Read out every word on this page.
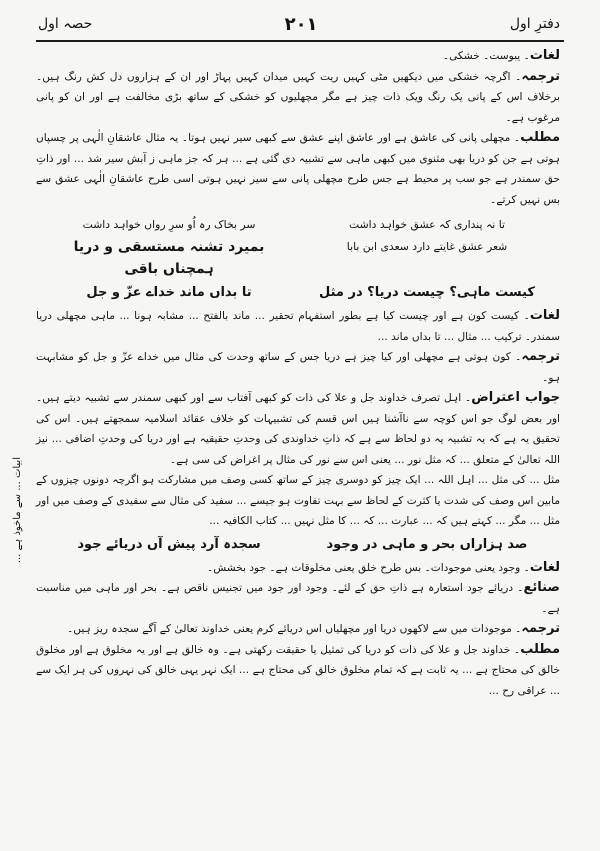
دفترِ اول
۲۰۱
حصہ اول

لغات۔ یبوست۔ خشکی۔

ترجمہ۔ اگرچہ خشکی میں دیکھیں مٹی کہیں ریت کہیں میدان کہیں پہاڑ اور ان کے ہزاروں دل کش رنگ ہیں۔ برخلاف اس کے پانی یک رنگ ویک ذات چیز ہے مگر مچھلیوں کو خشکی کے ساتھ بڑی مخالفت ہے اور ان کو پانی مرغوب ہے۔

مطلب۔ مچھلی پانی کی عاشق ہے اور عاشق اپنے عشق سے کبھی سیر نہیں ہوتا۔ یہ مثال عاشقانِ الٰہی پر چسپاں ہوتی ہے جن کو دریا بھی مثنوی میں کبھی ماہی سے تشبیہ دی گئی ہے ... ہر کہ جز ماہی ز آبش سیر شد ... اور ذاتِ حق سمندر ہے جو سب پر محیط ہے جس طرح مچھلی پانی سے سیر نہیں ہوتی اسی طرح عاشقانِ الٰہی عشق سے بس نہیں کرتے۔

تا نہ پنداری کہ عشق خواہد داشت
سر بخاک رہ اُو سرِ رواں خواہد داشت
شعر عشق غایتے دارد سعدی ابن بابا
بمیرد تشنہ مستسقی و دریا ہمچناں باقی
کیست ماہی؟ چیست دریا؟ در مثل
تا بداں ماند خداے عزّ و جل

لغات۔ کیست کون ہے اور چیست کیا ہے بطور استفہام تحقیر ... ماند بالفتح ... مشابہ ہونا ... ماہی مچھلی دریا سمندر۔ ترکیب ... مثال ... تا بداں ماند ...

ترجمہ۔ کون ہوتی ہے مچھلی اور کیا چیز ہے دریا جس کے ساتھ وحدت کی مثال میں خداے عزّ و جل کو مشابہت ہو۔

جواب اعتراض۔ اہل تصرف خداوند جل و علا کی ذات کو کبھی آفتاب سے اور کبھی سمندر سے تشبیہ دیتے ہیں۔ اور بعض لوگ جو اس کوچہ سے ناآشنا ہیں اس قسم کی تشبیہات کو خلاف عقائد اسلامیہ سمجھتے ہیں۔ اس کی تحقیق یہ ہے کہ یہ تشبیہ یہ دو لحاظ سے ہے کہ ذاتِ خداوندی کی وحدتِ حقیقیہ ہے اور دریا کی وحدتِ اضافی ... نیز اللہ تعالیٰ کے متعلق ... کہ مثل نور ... یعنی اس سے نور کی مثال پر اغراض کی سی ہے۔

مثل ... کی مثل ... اہل اللہ ... ایک چیز کو دوسری چیز کے ساتھ کسی وصف میں مشارکت ہو اگرچہ دونوں چیزوں کے مابین اس وصف کی شدت یا کثرت کے لحاظ سے بہت تفاوت ہو جیسے ... سفید کی مثال سے سفیدی کے وصف میں اور مثل ... مگر ... کہتے ہیں کہ ... عبارت ... کہ ... کا مثل نہیں ... کتاب الکافیہ ...

صد ہزاراں بحر و ماہی در وجود
سجدہ آرد پیش آں دریائے جود

لغات۔ وجود یعنی موجودات۔ بس طرح خلق یعنی مخلوقات ہے۔ جود بخشش۔

صنائع۔ دریائے جود استعارہ ہے ذاتِ حق کے لئے۔ وجود اور جود میں تجنیس ناقص ہے۔ بحر اور ماہی میں مناسبت ہے۔

ترجمہ۔ موجودات میں سے لاکھوں دریا اور مچھلیاں اس دریائے کرم یعنی خداوند تعالیٰ کے آگے سجدہ ریز ہیں۔

مطلب۔ خداوند جل و علا کی ذات کو دریا کی تمثیل یا حقیقت رکھتی ہے۔ وہ خالق ہے اور یہ مخلوق ہے اور مخلوق خالق کی محتاج ہے ... یہ ثابت ہے کہ تمام مخلوق خالق کی محتاج ہے ... ایک نہر یہی خالق کی نہروں کی ہر ایک سے ... عراقی رح ...

ابیات ... سے ماخوذ ہے ...
